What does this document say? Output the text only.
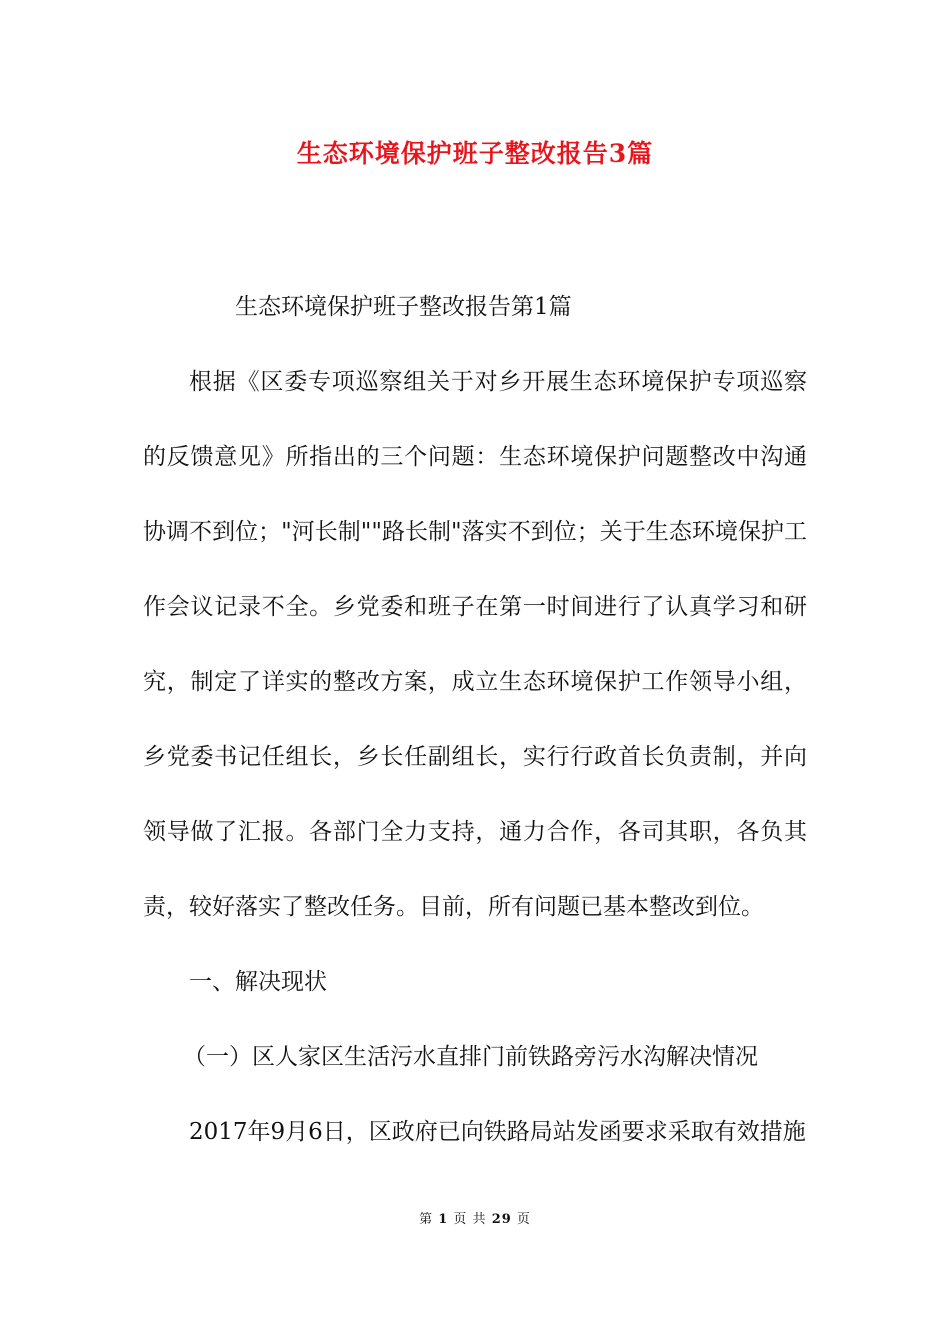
生态环境保护班子整改报告3篇

生态环境保护班子整改报告第1篇

根据《区委专项巡察组关于对乡开展生态环境保护专项巡察的反馈意见》所指出的三个问题：生态环境保护问题整改中沟通协调不到位；"河长制""路长制"落实不到位；关于生态环境保护工作会议记录不全。乡党委和班子在第一时间进行了认真学习和研究，制定了详实的整改方案，成立生态环境保护工作领导小组，乡党委书记任组长，乡长任副组长，实行行政首长负责制，并向领导做了汇报。各部门全力支持，通力合作，各司其职，各负其责，较好落实了整改任务。目前，所有问题已基本整改到位。

一、解决现状

（一）区人家区生活污水直排门前铁路旁污水沟解决情况

2017年9月6日，区政府已向铁路局站发函要求采取有效措施

第 1 页 共 29 页
